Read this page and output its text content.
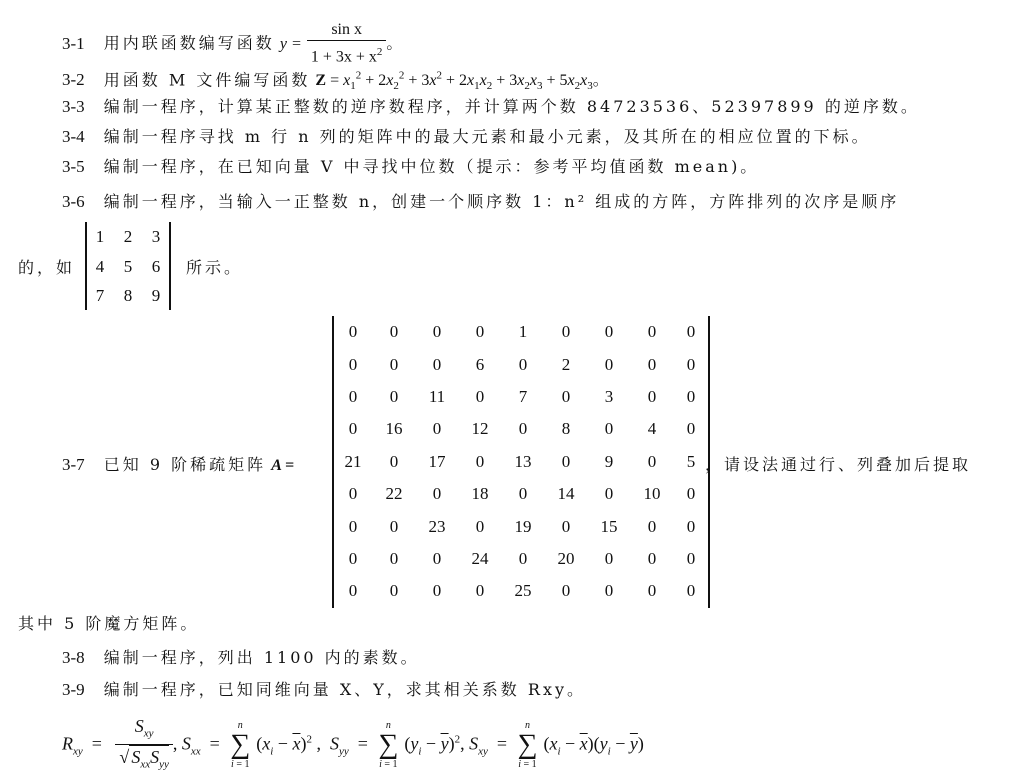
3-1 用内联函数编写函数 $y = \frac{\text{sin x}}{1 + 3x + x^2}$ 。
3-2 用函数 M 文件编写函数 $Z = x_1^2 + 2x_2^2 + 3x^2 + 2x_1x_2 + 3x_2x_3 + 5x_2x_3$。
3-3 编制一程序，计算某正整数的逆序数程序，并计算两个数 84723536、52397899 的逆序数。
3-4 编制一程序寻找 m 行 n 列的矩阵中的最大元素和最小元素，及其所在的相应位置的下标。
3-5 编制一程序，在已知向量 V 中寻找中位数（提示：参考平均值函数 mean)。
3-6 编制一程序，当输入一正整数 n，创建一个顺序数 1：n² 组成的方阵，方阵排列的次序是顺序
的，如
1	2	3
4	5	6
7	8	9
所示。
3-7 已知 9 阶稀疏矩阵 A =
0	0	0	0	1	0	0	0	0
0	0	0	6	0	2	0	0	0
0	0	11	0	7	0	3	0	0
0	16	0	12	0	8	0	4	0
21	0	17	0	13	0	9	0	5
0	22	0	18	0	14	0	10	0
0	0	23	0	19	0	15	0	0
0	0	0	24	0	20	0	0	0
0	0	0	0	25	0	0	0	0
，请设法通过行、列叠加后提取
其中 5 阶魔方矩阵。
3-8 编制一程序，列出 1100 内的素数。
3-9 编制一程序，已知同维向量 X、Y，求其相关系数 Rxy。
$R_{xy} = \frac{S_{xy}}{√ S_{xx}S_{yy}}$ , $S_{xx}$  =
n
∑
i = 1
$(x_i - \overline{x})^2$ ,  $S_{yy}$  =
n
∑
i = 1
$(y_i - \overline{y})^2$, $S_{xy}$  =
n
∑
i = 1
$(x_i - \overline{x})(y_i - \overline{y})$
